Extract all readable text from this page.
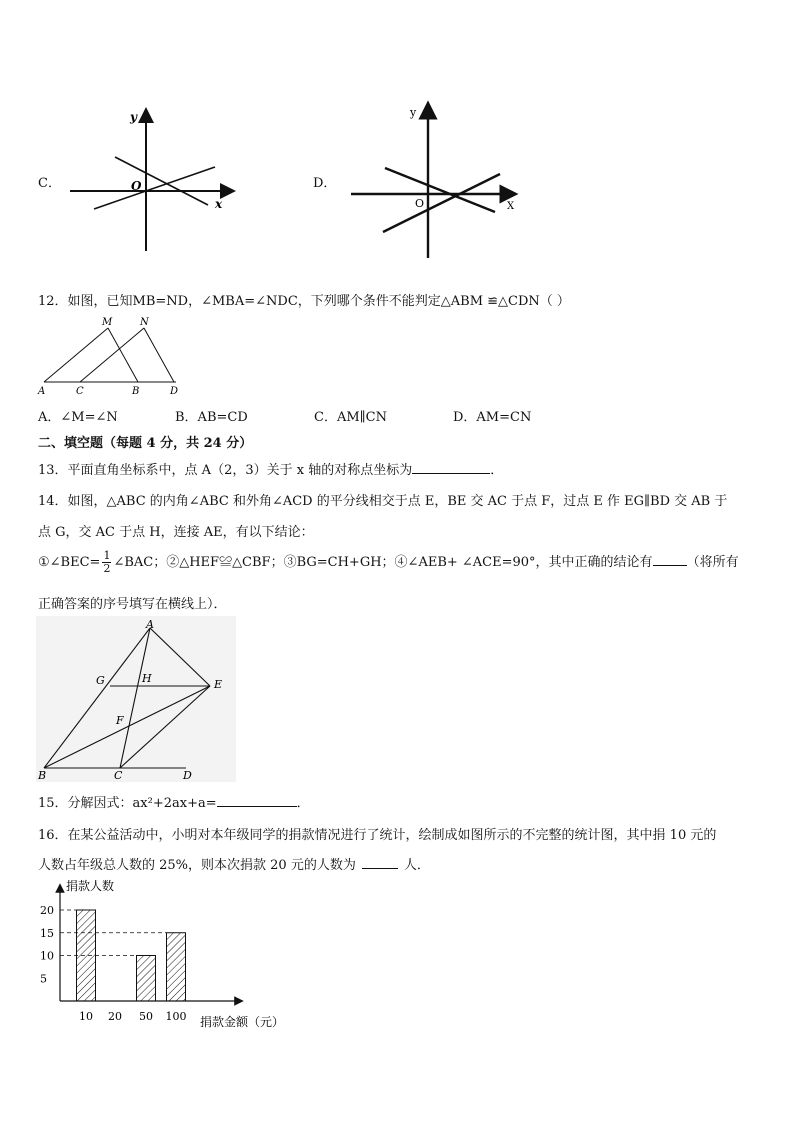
C．
y
x
O	D．
y
X
O
12．如图，已知MB=ND，∠MBA=∠NDC，下列哪个条件不能判定△ABM ≌△CDN（ ）
M	N
A	C	B	D
A．∠M=∠N	B．AB=CD	C．AM∥CN	D．AM=CN
二、填空题（每题 4 分，共 24 分）
13．平面直角坐标系中，点 A（2，3）关于 x 轴的对称点坐标为	．
14．如图，△ABC 的内角∠ABC 和外角∠ACD 的平分线相交于点 E，BE 交 AC 于点 F，过点 E 作 EG∥BD 交 AB 于
点 G，交 AC 于点 H，连接 AE，有以下结论：
①∠BEC= $\frac{1}{2}$ ∠BAC；②△HEF≌△CBF；③BG=CH+GH；④∠AEB+ ∠ACE=90°，其中正确的结论有	（将所有
正确答案的序号填写在横线上）．
A
G	H	E
F
B	C	D
15．分解因式：ax²+2ax+a=	．
16．在某公益活动中，小明对本年级同学的捐款情况进行了统计，绘制成如图所示的不完整的统计图，其中捐 10 元的
人数占年级总人数的 25%，则本次捐款 20 元的人数为	人．
5
10
15
20
10 20 50 100
捐款人数
捐款金额（元）
